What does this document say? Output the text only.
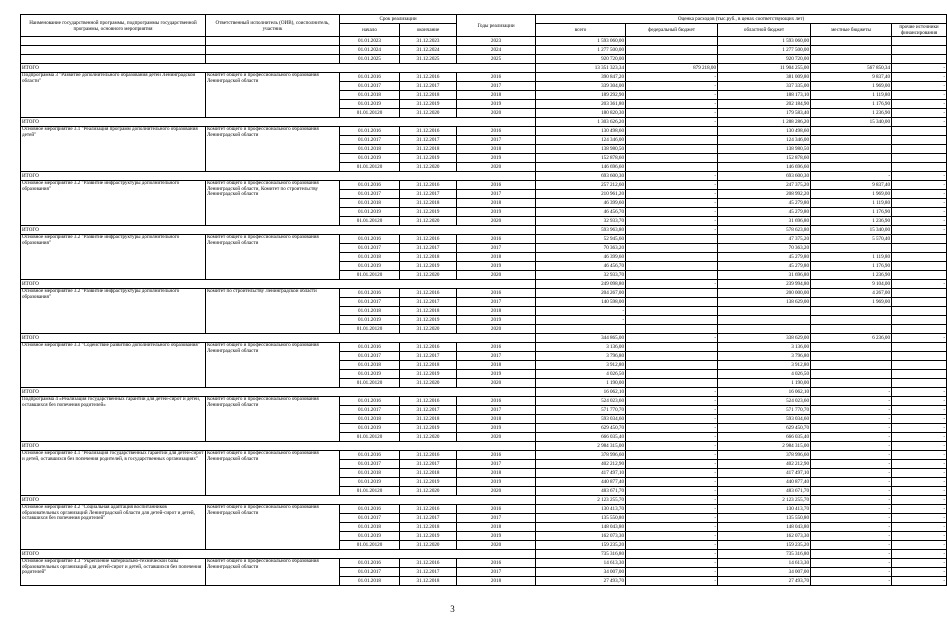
Наименование государственной программы, подпрограммы государственной программы, основного мероприятия	Ответственный исполнитель (ОИВ), соисполнитель, участник	Срок реализации		Годы реализации	Оценка расходов (тыс.руб., в ценах соответствующих лет)				
		начало	окончание		всего	федеральный бюджет	областной бюджет	местные бюджеты	прочие источники финансирования
		01.01.2023	31.12.2023	2023	1 593 060,00		1 593 060,00		
		01.01.2024	31.12.2024	2024	1 277 500,00		1 277 500,00		
		01.01.2025	31.12.2025	2025	920 720,00		920 720,00		
ИТОГО					13 351 323,34	879 218,00	11 904 255,00	567 850,34	-
Подпрограмма 3 "Развитие дополнительного образования детей Ленинградской области"	Комитет общего и профессионального образования Ленинградской области	01.01.2016	31.12.2016	2016	390 847,20	-	381 009,80	9 837,40	-
		01.01.2017	31.12.2017	2017	339 304,00	-	337 335,00	1 969,00	-
		01.01.2018	31.12.2018	2018	189 292,90	-	188 173,10	1 119,80	-
		01.01.2019	31.12.2019	2019	203 361,80	-	202 184,90	1 176,90	-
		01.01.20120	31.12.2020	2020	180 820,30	-	179 583,40	1 236,90	-
ИТОГО					1 303 626,20	-	1 288 286,20	15 340,00	-
Основное мероприятие 3.1 "Реализация программ дополнительного образования детей"	Комитет общего и профессионального образования Ленинградской области	01.01.2016	31.12.2016	2016	130 498,60		130 498,60		
		01.01.2017	31.12.2017	2017	124 346,00		124 346,00		
		01.01.2018	31.12.2018	2018	138 980,50		138 980,50		
		01.01.2019	31.12.2019	2019	152 878,60		152 878,60		
		01.01.20120	31.12.2020	2020	146 696,60		146 696,60		
ИТОГО					693 600,30	-	693 600,30	-	-
Основное мероприятие 3.2 "Развитие инфраструктуры дополнительного образования"	Комитет общего и профессионального образования Ленинградской области, Комитет по строительству Ленинградской области	01.01.2016	31.12.2016	2016	257 212,60	-	247 375,20	9 837,40	-
		01.01.2017	31.12.2017	2017	210 961,20	-	208 992,20	1 969,00	-
		01.01.2018	31.12.2018	2018	46 399,60	-	45 279,80	1 119,80	-
		01.01.2019	31.12.2019	2019	46 456,70	-	45 279,80	1 176,90	-
		01.01.20120	31.12.2020	2020	32 933,70	-	31 696,80	1 236,90	-
ИТОГО					593 963,80	-	578 623,80	15 340,00	-
Основное мероприятие 3.2 "Развитие инфраструктуры дополнительного образования"	Комитет общего и профессионального образования Ленинградской области	01.01.2016	31.12.2016	2016	52 945,60		47 375,20	5 570,40	
		01.01.2017	31.12.2017	2017	70 363,20		70 363,20		
		01.01.2018	31.12.2018	2018	46 399,60		45 279,80	1 119,80	
		01.01.2019	31.12.2019	2019	46 456,70		45 279,80	1 176,90	
		01.01.20120	31.12.2020	2020	32 933,70		31 696,80	1 236,90	
ИТОГО					249 098,80	-	239 994,80	9 104,00	-
Основное мероприятие 3.2 "Развитие инфраструктуры дополнительного образования"	Комитет по строительству Ленинградской области	01.01.2016	31.12.2016	2016	204 267,00		200 000,00	4 267,00	
		01.01.2017	31.12.2017	2017	140 598,00		138 629,00	1 969,00	
		01.01.2018	31.12.2018	2018	-				
		01.01.2019	31.12.2019	2019	-				
		01.01.20120	31.12.2020	2020					
ИТОГО					344 865,00	-	338 629,00	6 236,00	-
Основное мероприятие 3.3 "Содействие развитию дополнительного образования"	Комитет общего и профессионального образования Ленинградской области	01.01.2016	31.12.2016	2016	3 136,00		3 136,00		
		01.01.2017	31.12.2017	2017	3 796,80		3 796,80		
		01.01.2018	31.12.2018	2018	3 912,80		3 912,80		
		01.01.2019	31.12.2019	2019	4 026,50		4 026,50		
		01.01.20120	31.12.2020	2020	1 190,00		1 190,00		
ИТОГО					16 062,10	-	16 062,10	-	-
Подпрограмма 4 «Реализация государственных гарантий для детей-сирот и детей, оставшихся без попечения родителей»	Комитет общего и профессионального образования Ленинградской области	01.01.2016	31.12.2016	2016	524 023,60	-	524 023,60	-	-
		01.01.2017	31.12.2017	2017	571 770,70	-	571 770,70	-	-
		01.01.2018	31.12.2018	2018	593 034,60	-	593 034,60	-	-
		01.01.2019	31.12.2019	2019	629 450,70	-	629 450,70	-	-
		01.01.20120	31.12.2020	2020	666 035,40	-	666 035,40	-	-
ИТОГО					2 984 315,00	-	2 984 315,00	-	-
Основное мероприятие 4.1 "Реализация государственных гарантий для детей-сирот и детей, оставшихся без попечения родителей, в государственных организациях"	Комитет общего и профессионального образования Ленинградской области	01.01.2016	31.12.2016	2016	378 996,60	-	378 996,60	-	-
		01.01.2017	31.12.2017	2017	402 212,90	-	402 212,90	-	-
		01.01.2018	31.12.2018	2018	417 497,10	-	417 497,10	-	-
		01.01.2019	31.12.2019	2019	440 877,40	-	440 877,40	-	-
		01.01.20120	31.12.2020	2020	483 671,70	-	483 671,70	-	-
ИТОГО					2 123 255,70	-	2 123 255,70	-	-
Основное мероприятие 4.2 "Социальная адаптация воспитанников образовательных организаций Ленинградской области для детей-сирот и детей, оставшихся без попечения родителей"	Комитет общего и профессионального образования Ленинградской области	01.01.2016	31.12.2016	2016	130 413,70	-	130 413,70	-	-
		01.01.2017	31.12.2017	2017	135 550,80	-	135 550,80	-	-
		01.01.2018	31.12.2018	2018	148 043,80	-	148 043,80	-	-
		01.01.2019	31.12.2019	2019	162 073,30	-	162 073,30	-	-
		01.01.20120	31.12.2020	2020	159 235,20	-	159 235,20	-	-
ИТОГО					735 316,80	-	735 316,80	-	-
Основное мероприятие 4.3 "Укрепление материально-технической базы образовательных организаций для детей-сирот и детей, оставшихся без попечения родителей"	Комитет общего и профессионального образования Ленинградской области	01.01.2016	31.12.2016	2016	14 613,30	-	14 613,30	-	-
		01.01.2017	31.12.2017	2017	34 007,00	-	34 007,00	-	-
		01.01.2018	31.12.2018	2018	27 493,70	-	27 493,70	-	-
3
